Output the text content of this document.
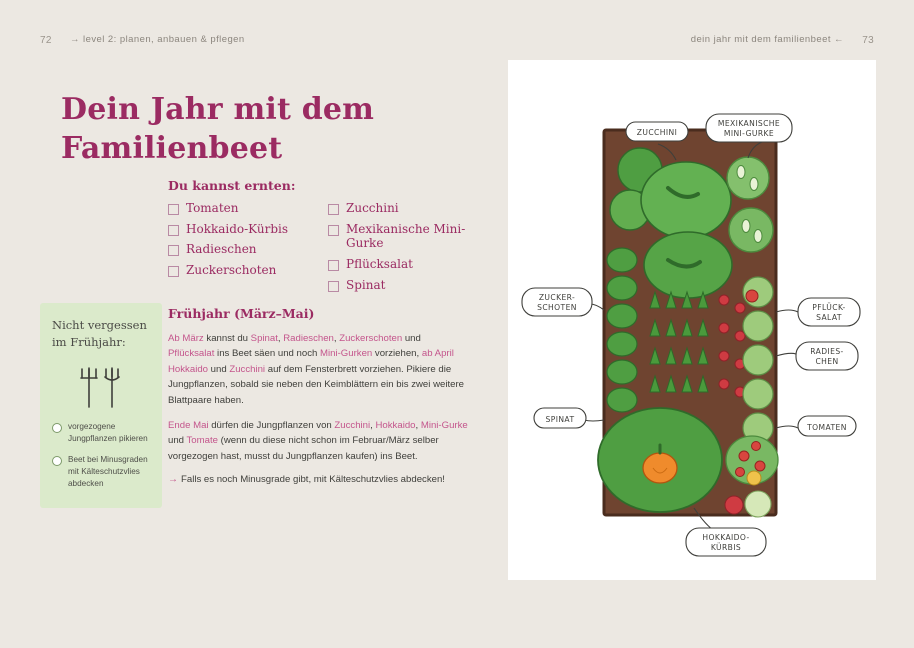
72 → level 2: planen, anbauen & pflegen	dein jahr mit dem familienbeet ← 73
Dein Jahr mit dem Familienbeet
Du kannst ernten:
Tomaten
Hokkaido-Kürbis
Radieschen
Zuckerschoten
Zucchini
Mexikanische Mini-Gurke
Pflücksalat
Spinat
Nicht vergessen im Frühjahr:
vorgezogene Jungpflanzen pikieren
Beet bei Minusgraden mit Kälteschutzvlies abdecken
Frühjahr (März–Mai)

Ab März kannst du Spinat, Radieschen, Zuckerschoten und Pflücksalat ins Beet säen und noch Mini-Gurken vorziehen, ab April Hokkaido und Zucchini auf dem Fensterbrett vorziehen. Pikiere die Jungpflanzen, sobald sie neben den Keimblättern ein bis zwei weitere Blattpaare haben.

Ende Mai dürfen die Jungpflanzen von Zucchini, Hokkaido, Mini-Gurke und Tomate (wenn du diese nicht schon im Februar/März selber vorgezogen hast, musst du Jungpflanzen kaufen) ins Beet.

→ Falls es noch Minusgrade gibt, mit Kälteschutzvlies abdecken!
ZUCCHINI
MEXIKANISCHE
MINI-GURKE
ZUCKER-
SCHOTEN
SPINAT
PFLÜCK-
SALAT
RADIES-
CHEN
TOMATEN
HOKKAIDO-
KÜRBIS
